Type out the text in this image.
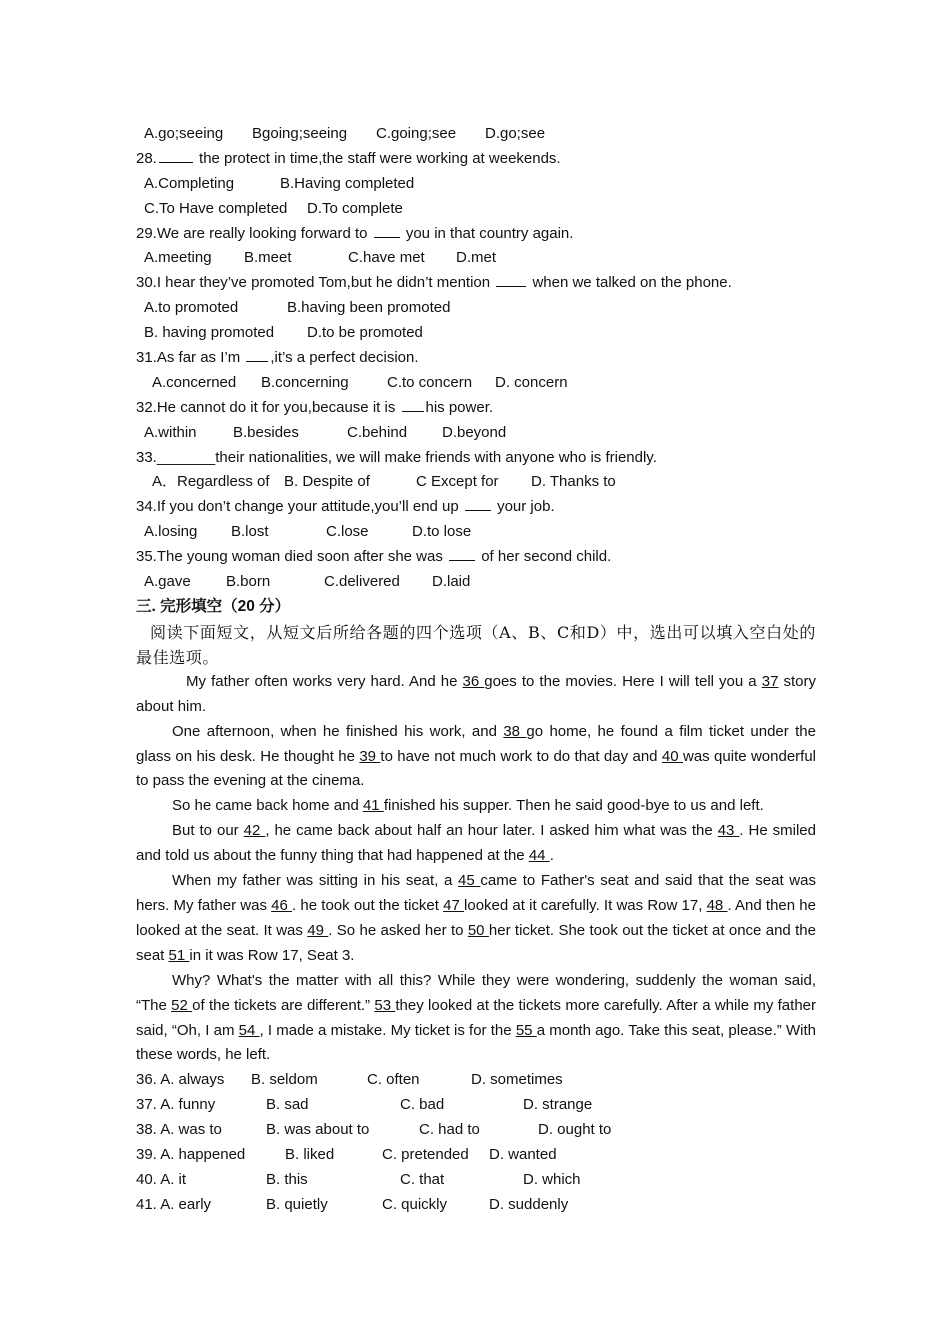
A.go;seeing Bgoing;seeing C.going;see D.go;see
28.	the protect in time,the staff were working at weekends.
A.Completing	B.Having completed
C.To Have completed D.To complete
29.We are really looking forward to  you in that country again.
A.meeting B.meet	C.have met D.met
30.I hear they’ve promoted Tom,but he didn’t mention  when we talked on the phone.
A.to promoted	B.having been promoted
B. having promoted D.to be promoted
31.As far as I’m ,it’s a perfect decision.
A.concerned B.concerning	C.to concern D. concern
32.He cannot do it for you,because it is his power.
A.within B.besides	C.behind D.beyond
33._______their nationalities, we will make friends with anyone who is friendly.
A．Regardless of B. Despite of	C Except for D. Thanks to
34.If you don’t change your attitude,you’ll end up  your job.
A.losing B.lost	C.lose	D.to lose
35.The young woman died soon after she was  of her second child.
A.gave B.born	C.delivered D.laid
三. 完形填空（20 分）
阅读下面短文，从短文后所给各题的四个选项（A、B、C和D）中，选出可以填入空白处的最佳选项。
My father often works very hard. And he 36 goes to the movies. Here I will tell you a 37 story about him.
One afternoon, when he finished his work, and 38 go home, he found a film ticket under the glass on his desk. He thought he 39 to have not much work to do that day and 40 was quite wonderful to pass the evening at the cinema.
So he came back home and 41 finished his supper. Then he said good-bye to us and left.
But to our 42 , he came back about half an hour later. I asked him what was the 43 . He smiled and told us about the funny thing that had happened at the 44 .
When my father was sitting in his seat, a 45 came to Father's seat and said that the seat was hers. My father was 46 . he took out the ticket 47 looked at it carefully. It was Row 17, 48 . And then he looked at the seat. It was 49 . So he asked her to 50 her ticket. She took out the ticket at once and the seat 51 in it was Row 17, Seat 3.
Why? What's the matter with all this? While they were wondering, suddenly the woman said, “The 52 of the tickets are different.” 53 they looked at the tickets more carefully. After a while my father said, “Oh, I am 54 , I made a mistake. My ticket is for the 55 a month ago. Take this seat, please.” With these words, he left.
36. A. always B. seldom	C. often	D. sometimes
37. A. funny	B. sad	C. bad	D. strange
38. A. was to	B. was about to	C. had to	D. ought to
39. A. happened	B. liked	C. pretended D. wanted
40. A. it	B. this	C. that	D. which
41. A. early	B. quietly	C. quickly	D. suddenly
